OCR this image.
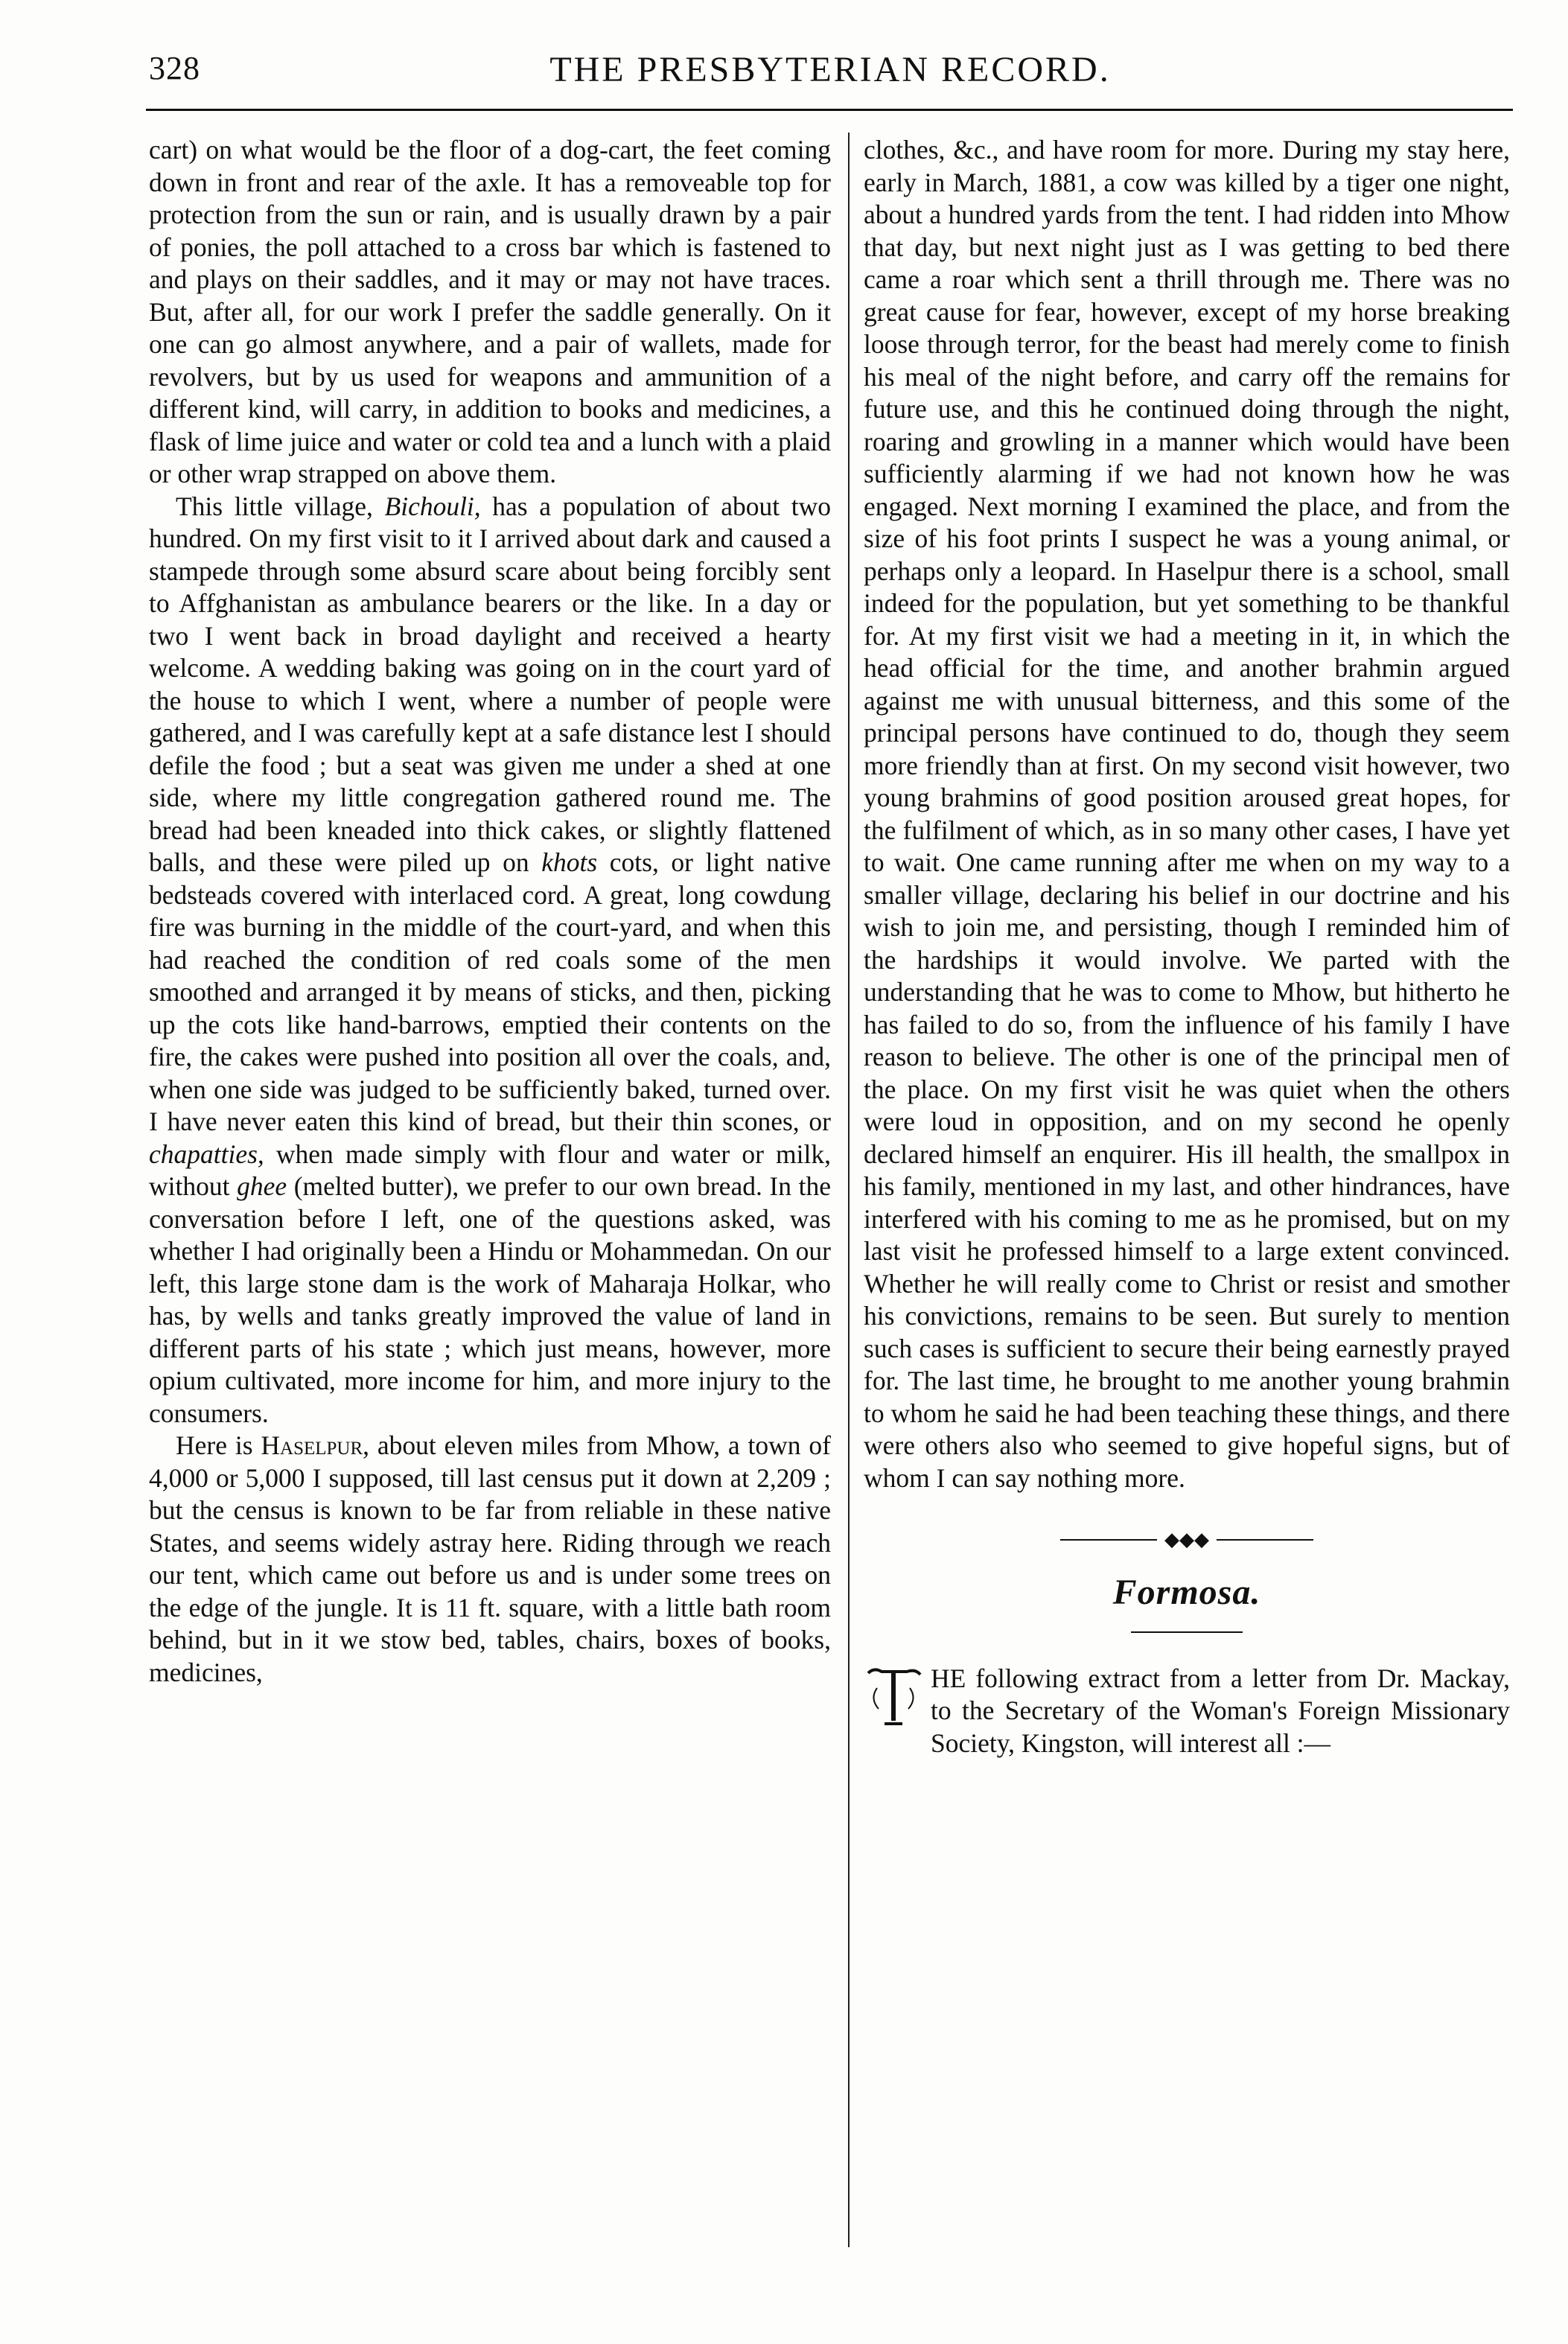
328	THE PRESBYTERIAN RECORD.

cart) on what would be the floor of a dog-cart, the feet coming down in front and rear of the axle. It has a removeable top for protection from the sun or rain, and is usually drawn by a pair of ponies, the poll attached to a cross bar which is fastened to and plays on their saddles, and it may or may not have traces. But, after all, for our work I prefer the saddle generally. On it one can go almost anywhere, and a pair of wallets, made for revolvers, but by us used for weapons and ammunition of a different kind, will carry, in addition to books and medicines, a flask of lime juice and water or cold tea and a lunch with a plaid or other wrap strapped on above them.

This little village, Bichouli, has a population of about two hundred. On my first visit to it I arrived about dark and caused a stampede through some absurd scare about being forcibly sent to Affghanistan as ambulance bearers or the like. In a day or two I went back in broad daylight and received a hearty welcome. A wedding baking was going on in the court yard of the house to which I went, where a number of people were gathered, and I was carefully kept at a safe distance lest I should defile the food ; but a seat was given me under a shed at one side, where my little congregation gathered round me. The bread had been kneaded into thick cakes, or slightly flattened balls, and these were piled up on khots cots, or light native bedsteads covered with interlaced cord. A great, long cowdung fire was burning in the middle of the court-yard, and when this had reached the condition of red coals some of the men smoothed and arranged it by means of sticks, and then, picking up the cots like hand-barrows, emptied their contents on the fire, the cakes were pushed into position all over the coals, and, when one side was judged to be sufficiently baked, turned over. I have never eaten this kind of bread, but their thin scones, or chapatties, when made simply with flour and water or milk, without ghee (melted butter), we prefer to our own bread. In the conversation before I left, one of the questions asked, was whether I had originally been a Hindu or Mohammedan. On our left, this large stone dam is the work of Maharaja Holkar, who has, by wells and tanks greatly improved the value of land in different parts of his state ; which just means, however, more opium cultivated, more income for him, and more injury to the consumers.

Here is Haselpur, about eleven miles from Mhow, a town of 4,000 or 5,000 I supposed, till last census put it down at 2,209 ; but the census is known to be far from reliable in these native States, and seems widely astray here. Riding through we reach our tent, which came out before us and is under some trees on the edge of the jungle. It is 11 ft. square, with a little bath room behind, but in it we stow bed, tables, chairs, boxes of books, medicines,

clothes, &c., and have room for more. During my stay here, early in March, 1881, a cow was killed by a tiger one night, about a hundred yards from the tent. I had ridden into Mhow that day, but next night just as I was getting to bed there came a roar which sent a thrill through me. There was no great cause for fear, however, except of my horse breaking loose through terror, for the beast had merely come to finish his meal of the night before, and carry off the remains for future use, and this he continued doing through the night, roaring and growling in a manner which would have been sufficiently alarming if we had not known how he was engaged. Next morning I examined the place, and from the size of his foot prints I suspect he was a young animal, or perhaps only a leopard. In Haselpur there is a school, small indeed for the population, but yet something to be thankful for. At my first visit we had a meeting in it, in which the head official for the time, and another brahmin argued against me with unusual bitterness, and this some of the principal persons have continued to do, though they seem more friendly than at first. On my second visit however, two young brahmins of good position aroused great hopes, for the fulfilment of which, as in so many other cases, I have yet to wait. One came running after me when on my way to a smaller village, declaring his belief in our doctrine and his wish to join me, and persisting, though I reminded him of the hardships it would involve. We parted with the understanding that he was to come to Mhow, but hitherto he has failed to do so, from the influence of his family I have reason to believe. The other is one of the principal men of the place. On my first visit he was quiet when the others were loud in opposition, and on my second he openly declared himself an enquirer. His ill health, the smallpox in his family, mentioned in my last, and other hindrances, have interfered with his coming to me as he promised, but on my last visit he professed himself to a large extent convinced. Whether he will really come to Christ or resist and smother his convictions, remains to be seen. But surely to mention such cases is sufficient to secure their being earnestly prayed for. The last time, he brought to me another young brahmin to whom he said he had been teaching these things, and there were others also who seemed to give hopeful signs, but of whom I can say nothing more.

◆◆◆
Formosa.

T
HE following extract from a letter from Dr. Mackay, to the Secretary of the Woman's Foreign Missionary Society, Kingston, will interest all :—
